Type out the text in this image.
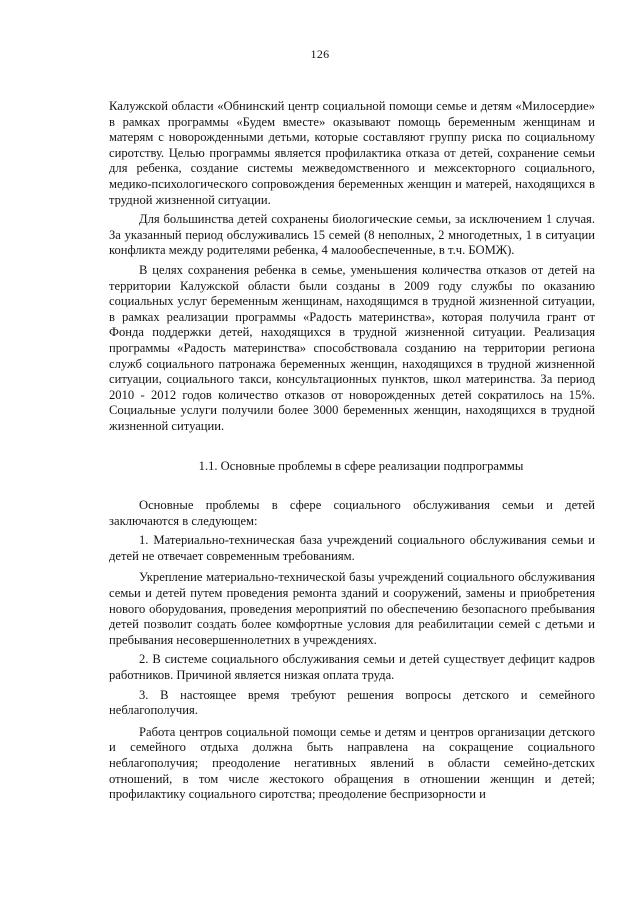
126

Калужской области «Обнинский центр социальной помощи семье и детям «Милосердие» в рамках программы «Будем вместе» оказывают помощь беременным женщинам и матерям с новорожденными детьми, которые составляют группу риска по социальному сиротству. Целью программы является профилактика отказа от детей, сохранение семьи для ребенка, создание системы межведомственного и межсекторного социального, медико-психологического сопровождения беременных женщин и матерей, находящихся в трудной жизненной ситуации.

Для большинства детей сохранены биологические семьи, за исключением 1 случая. За указанный период обслуживались 15 семей (8 неполных, 2 многодетных, 1 в ситуации конфликта между родителями ребенка, 4 малообеспеченные, в т.ч. БОМЖ).

В целях сохранения ребенка в семье, уменьшения количества отказов от детей на территории Калужской области были созданы в 2009 году службы по оказанию социальных услуг беременным женщинам, находящимся в трудной жизненной ситуации, в рамках реализации программы «Радость материнства», которая получила грант от Фонда поддержки детей, находящихся в трудной жизненной ситуации. Реализация программы «Радость материнства» способствовала созданию на территории региона служб социального патронажа беременных женщин, находящихся в трудной жизненной ситуации, социального такси, консультационных пунктов, школ материнства. За период 2010 - 2012 годов количество отказов от новорожденных детей сократилось на 15%. Социальные услуги получили более 3000 беременных женщин, находящихся в трудной жизненной ситуации.

1.1. Основные проблемы в сфере реализации подпрограммы

Основные проблемы в сфере социального обслуживания семьи и детей заключаются в следующем:

1. Материально-техническая база учреждений социального обслуживания семьи и детей не отвечает современным требованиям.

Укрепление материально-технической базы учреждений социального обслуживания семьи и детей путем проведения ремонта зданий и сооружений, замены и приобретения нового оборудования, проведения мероприятий по обеспечению безопасного пребывания детей позволит создать более комфортные условия для реабилитации семей с детьми и пребывания несовершеннолетних в учреждениях.

2. В системе социального обслуживания семьи и детей существует дефицит кадров работников. Причиной является низкая оплата труда.

3. В настоящее время требуют решения вопросы детского и семейного неблагополучия.

Работа центров социальной помощи семье и детям и центров организации детского и семейного отдыха должна быть направлена на сокращение социального неблагополучия; преодоление негативных явлений в области семейно-детских отношений, в том числе жестокого обращения в отношении женщин и детей; профилактику социального сиротства; преодоление беспризорности и
